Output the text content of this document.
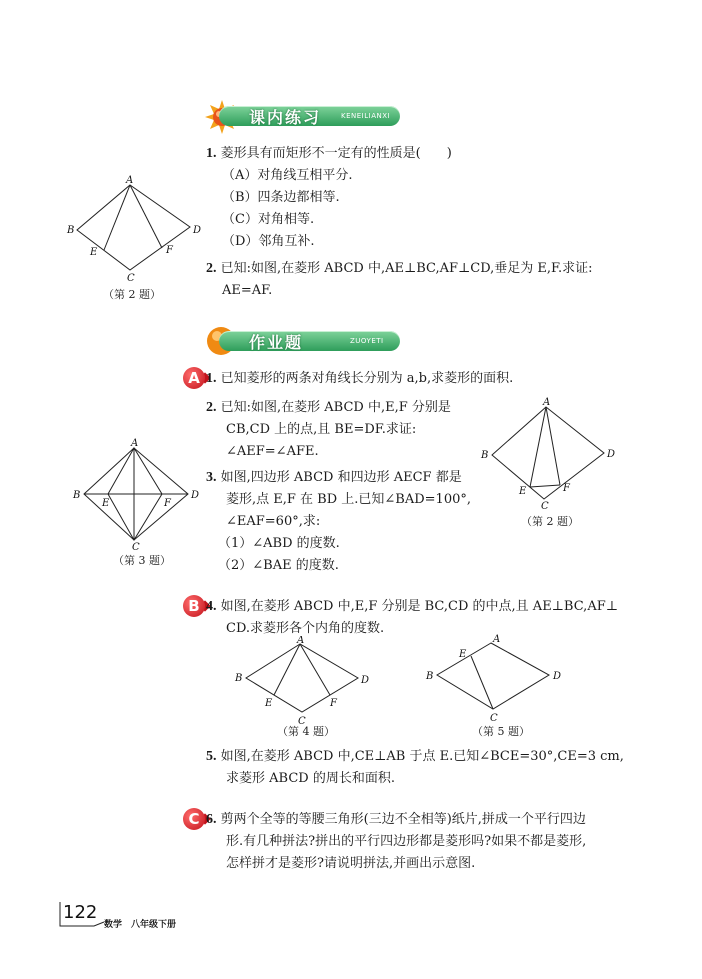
课内练习	KENEILIANXI
1. 菱形具有而矩形不一定有的性质是(　　)
（A）对角线互相平分.
（B）四条边都相等.
（C）对角相等.
（D）邻角互补.
2. 已知:如图,在菱形 ABCD 中,AE⊥BC,AF⊥CD,垂足为 E,F.求证:
AE=AF.
A
B
C
D
E	F
（第 2 题）
作业题	ZUOYETI
A 1. 已知菱形的两条对角线长分别为 a,b,求菱形的面积.
2. 已知:如图,在菱形 ABCD 中,E,F 分别是
CB,CD 上的点,且 BE=DF.求证:
∠AEF=∠AFE.
A
B
C
D
E	F
（第 2 题）
3. 如图,四边形 ABCD 和四边形 AECF 都是
菱形,点 E,F 在 BD 上.已知∠BAD=100°,
∠EAF=60°,求:
（1）∠ABD 的度数.
（2）∠BAE 的度数.
A
B
C
D
E	F
（第 3 题）
B 4. 如图,在菱形 ABCD 中,E,F 分别是 BC,CD 的中点,且 AE⊥BC,AF⊥
CD.求菱形各个内角的度数.
A
B
C
D
E	F
（第 4 题）
A
B
C
D
E
（第 5 题）
5. 如图,在菱形 ABCD 中,CE⊥AB 于点 E.已知∠BCE=30°,CE=3 cm,
求菱形 ABCD 的周长和面积.
C 6. 剪两个全等的等腰三角形(三边不全相等)纸片,拼成一个平行四边
形.有几种拼法?拼出的平行四边形都是菱形吗?如果不都是菱形,
怎样拼才是菱形?请说明拼法,并画出示意图.
122
数学　八年级下册
